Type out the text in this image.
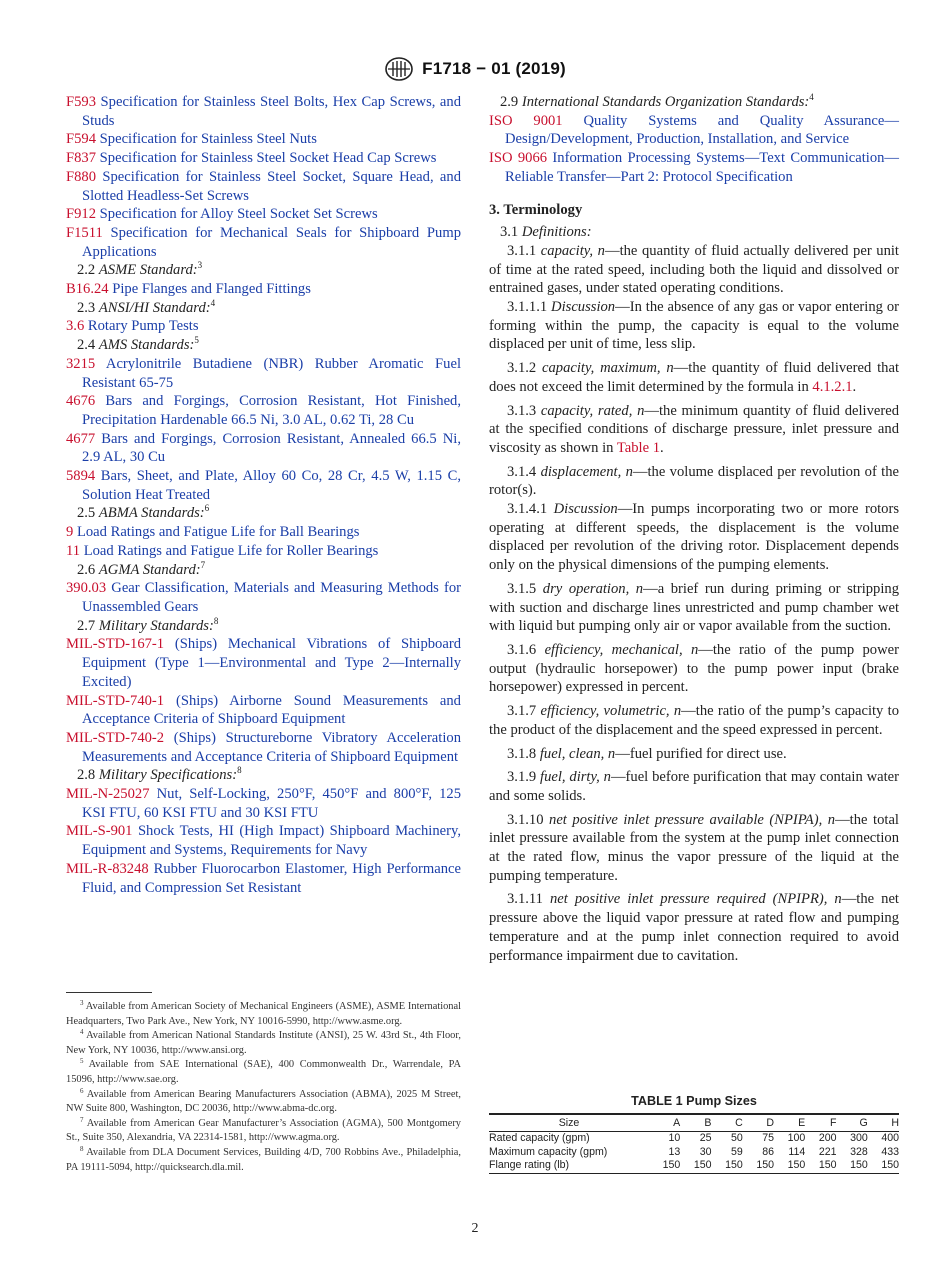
F1718 − 01 (2019)
F593 Specification for Stainless Steel Bolts, Hex Cap Screws, and Studs
F594 Specification for Stainless Steel Nuts
F837 Specification for Stainless Steel Socket Head Cap Screws
F880 Specification for Stainless Steel Socket, Square Head, and Slotted Headless-Set Screws
F912 Specification for Alloy Steel Socket Set Screws
F1511 Specification for Mechanical Seals for Shipboard Pump Applications
2.2 ASME Standard:$^3$
B16.24 Pipe Flanges and Flanged Fittings
2.3 ANSI/HI Standard:$^4$
3.6 Rotary Pump Tests
2.4 AMS Standards:$^5$
3215 Acrylonitrile Butadiene (NBR) Rubber Aromatic Fuel Resistant 65-75
4676 Bars and Forgings, Corrosion Resistant, Hot Finished, Precipitation Hardenable 66.5 Ni, 3.0 AL, 0.62 Ti, 28 Cu
4677 Bars and Forgings, Corrosion Resistant, Annealed 66.5 Ni, 2.9 AL, 30 Cu
5894 Bars, Sheet, and Plate, Alloy 60 Co, 28 Cr, 4.5 W, 1.15 C, Solution Heat Treated
2.5 ABMA Standards:$^6$
9 Load Ratings and Fatigue Life for Ball Bearings
11 Load Ratings and Fatigue Life for Roller Bearings
2.6 AGMA Standard:$^7$
390.03 Gear Classification, Materials and Measuring Methods for Unassembled Gears
2.7 Military Standards:$^8$
MIL-STD-167-1 (Ships) Mechanical Vibrations of Shipboard Equipment (Type 1—Environmental and Type 2—Internally Excited)
MIL-STD-740-1 (Ships) Airborne Sound Measurements and Acceptance Criteria of Shipboard Equipment
MIL-STD-740-2 (Ships) Structureborne Vibratory Acceleration Measurements and Acceptance Criteria of Shipboard Equipment
2.8 Military Specifications:$^8$
MIL-N-25027 Nut, Self-Locking, 250°F, 450°F and 800°F, 125 KSI FTU, 60 KSI FTU and 30 KSI FTU
MIL-S-901 Shock Tests, HI (High Impact) Shipboard Machinery, Equipment and Systems, Requirements for Navy
MIL-R-83248 Rubber Fluorocarbon Elastomer, High Performance Fluid, and Compression Set Resistant
$^3$ Available from American Society of Mechanical Engineers (ASME), ASME International Headquarters, Two Park Ave., New York, NY 10016-5990, http://www.asme.org.
$^4$ Available from American National Standards Institute (ANSI), 25 W. 43rd St., 4th Floor, New York, NY 10036, http://www.ansi.org.
$^5$ Available from SAE International (SAE), 400 Commonwealth Dr., Warrendale, PA 15096, http://www.sae.org.
$^6$ Available from American Bearing Manufacturers Association (ABMA), 2025 M Street, NW Suite 800, Washington, DC 20036, http://www.abma-dc.org.
$^7$ Available from American Gear Manufacturer’s Association (AGMA), 500 Montgomery St., Suite 350, Alexandria, VA 22314-1581, http://www.agma.org.
$^8$ Available from DLA Document Services, Building 4/D, 700 Robbins Ave., Philadelphia, PA 19111-5094, http://quicksearch.dla.mil.
2.9 International Standards Organization Standards:$^4$
ISO 9001 Quality Systems and Quality Assurance—Design/Development, Production, Installation, and Service
ISO 9066 Information Processing Systems—Text Communication—Reliable Transfer—Part 2: Protocol Specification
3. Terminology
3.1 Definitions:

3.1.1 capacity, n—the quantity of fluid actually delivered per unit of time at the rated speed, including both the liquid and dissolved or entrained gases, under stated operating conditions.

3.1.1.1 Discussion—In the absence of any gas or vapor entering or forming within the pump, the capacity is equal to the volume displaced per unit of time, less slip.

3.1.2 capacity, maximum, n—the quantity of fluid delivered that does not exceed the limit determined by the formula in 4.1.2.1.

3.1.3 capacity, rated, n—the minimum quantity of fluid delivered at the specified conditions of discharge pressure, inlet pressure and viscosity as shown in Table 1.

3.1.4 displacement, n—the volume displaced per revolution of the rotor(s).

3.1.4.1 Discussion—In pumps incorporating two or more rotors operating at different speeds, the displacement is the volume displaced per revolution of the driving rotor. Displacement depends only on the physical dimensions of the pumping elements.

3.1.5 dry operation, n—a brief run during priming or stripping with suction and discharge lines unrestricted and pump chamber wet with liquid but pumping only air or vapor available from the suction.

3.1.6 efficiency, mechanical, n—the ratio of the pump power output (hydraulic horsepower) to the pump power input (brake horsepower) expressed in percent.

3.1.7 efficiency, volumetric, n—the ratio of the pump’s capacity to the product of the displacement and the speed expressed in percent.

3.1.8 fuel, clean, n—fuel purified for direct use.

3.1.9 fuel, dirty, n—fuel before purification that may contain water and some solids.

3.1.10 net positive inlet pressure available (NPIPA), n—the total inlet pressure available from the system at the pump inlet connection at the rated flow, minus the vapor pressure of the liquid at the pumping temperature.

3.1.11 net positive inlet pressure required (NPIPR), n—the net pressure above the liquid vapor pressure at rated flow and pumping temperature and at the pump inlet connection required to avoid performance impairment due to cavitation.

TABLE 1 Pump Sizes
Size	A	B	C	D	E	F	G	H
Rated capacity (gpm)	10	25	50	75	100	200	300	400
Maximum capacity (gpm)	13	30	59	86	114	221	328	433
Flange rating (lb)	150	150	150	150	150	150	150	150
2
